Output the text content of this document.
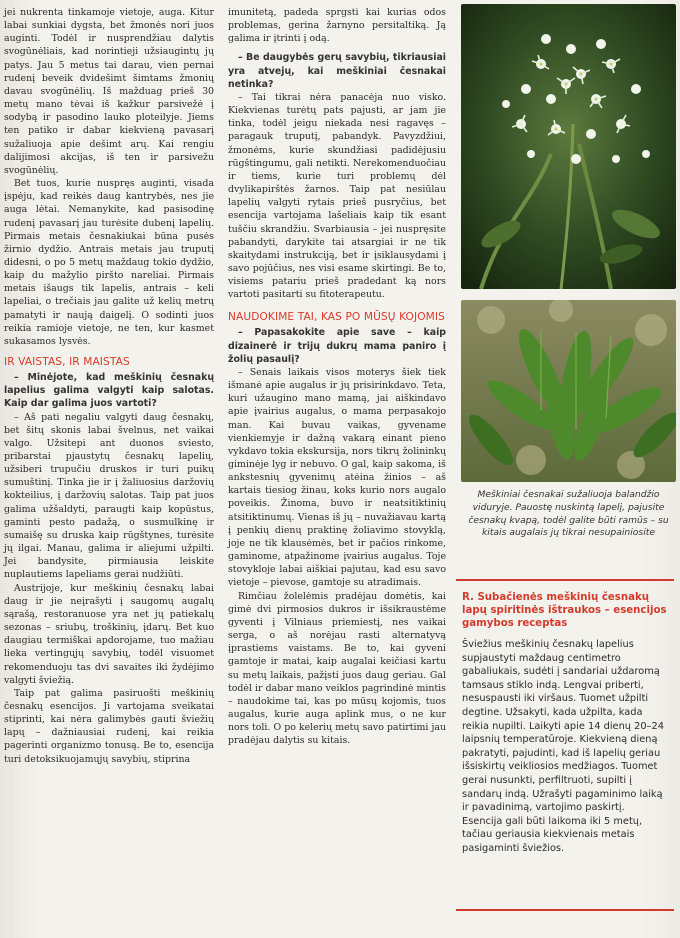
jei nukrenta tinkamoje vietoje, auga. Kitur labai sunkiai dygsta, bet žmonės nori juos auginti. Todėl ir nusprendžiau dalytis svogūnėliais, kad norintieji užsiaugintų jų patys. Jau 5 metus tai darau, vien pernai rudenį beveik dvidešimt šimtams žmonių davau svogūnėlių. Iš mažduag prieš 30 metų mano tėvai iš kažkur parsivežė į sodybą ir pasodino lauko ploteilyje. Jiems ten patiko ir dabar kiekvieną pavasarį sužaliuoja apie dešimt arų. Kai rengiu dalijimosi akcijas, iš ten ir parsivežu svogūnėlių.

Bet tuos, kurie nuspręs auginti, visada įspėju, kad reikės daug kantrybės, nes jie auga lėtai. Nemanykite, kad pasisodinę rudenį pavasarį jau turėsite dubenį lapelių. Pirmais metais česnakiukai būna pusės žirnio dydžio. Antrais metais jau truputį didesni, o po 5 metų maždaug tokio dydžio, kaip du mažylio piršto nareliai. Pirmais metais išaugs tik lapelis, antrais – keli lapeliai, o trečiais jau galite už kelių metrų pamatyti ir naują daigelį. O sodinti juos reikia ramioje vietoje, ne ten, kur kasmet sukasamos lysvės.

IR VAISTAS, IR MAISTAS

– Minėjote, kad meškinių česnakų lapelius galima valgyti kaip salotas. Kaip dar galima juos vartoti?

– Aš pati negaliu valgyti daug česnakų, bet šitų skonis labai švelnus, net vaikai valgo. Užsitepi ant duonos sviesto, pribarstai pjaustytų česnakų lapelių, užsiberi trupučiu druskos ir turi puikų sumuštinį. Tinka jie ir į žaliuosius daržovių kokteilius, į daržovių salotas. Taip pat juos galima užšaldyti, paraugti kaip kopūstus, gaminti pesto padažą, o susmulkinę ir sumaišę su druska kaip rūgštynes, turėsite jų ilgai. Manau, galima ir aliejumi užpilti. Jei bandysite, pirmiausia leiskite nuplautiems lapeliams gerai nudžiūti.

Austrijoje, kur meškinių česnakų labai daug ir jie neįrašyti į saugomų augalų sąrašą, restoranuose yra net jų patiekalų sezonas – sriubų, troškinių, įdarų. Bet kuo daugiau termiškai apdorojame, tuo mažiau lieka vertingųjų savybių, todėl visuomet rekomenduoju tas dvi savaites iki žydėjimo valgyti šviežią.

Taip pat galima pasiruošti meškinių česnakų esencijos. Ji vartojama sveikatai stiprinti, kai nėra galimybės gauti šviežių lapų – dažniausiai rudenį, kai reikia pagerinti organizmo tonusą. Be to, esencija turi detoksikuojamųjų savybių, stiprina

imunitetą, padeda sprgsti kai kurias odos problemas, gerina žarnyno persitaltiką. Ją galima ir įtrinti į odą.

– Be daugybės gerų savybių, tikriausiai yra atvejų, kai meškiniai česnakai netinka?

– Tai tikrai nėra panacėja nuo visko. Kiekvienas turėtų pats pajusti, ar jam jie tinka, todėl jeigu niekada nesi ragavęs – paragauk truputį, pabandyk. Pavyzdžiui, žmonėms, kurie skundžiasi padidėjusiu rūgštingumu, gali netikti. Nerekomenduočiau ir tiems, kurie turi problemų dėl dvylikapirštės žarnos. Taip pat nesiūlau lapelių valgyti rytais prieš pusryčius, bet esencija vartojama lašeliais kaip tik esant tuščiu skrandžiu. Svarbiausia – jei nuspręsite pabandyti, darykite tai atsargiai ir ne tik skaitydami instrukciją, bet ir įsiklausydami į savo pojūčius, nes visi esame skirtingi. Be to, visiems patariu prieš pradedant ką nors vartoti pasitarti su fitoterapeutu.

NAUDOKIME TAI, KAS PO MŪSŲ KOJOMIS

– Papasakokite apie save – kaip dizainerė ir trijų dukrų mama panirо į žolių pasaulį?

– Senais laikais visos moterys šiek tiek išmanė apie augalus ir jų prisirinkdavo. Teta, kuri užaugino mano mamą, jai aiškindavo apie įvairius augalus, o mama perpasakojo man. Kai buvau vaikas, gyvename vienkiemyje ir dažną vakarą einant pieno vykdavo tokia ekskursija, nors tikrų žolininkų giminėje lyg ir nebuvo. O gal, kaip sakoma, iš ankstesnių gyvenimų atėina žinios – aš kartais tiesiog žinau, koks kurio nors augalo poveikis. Žinoma, buvo ir neatsitiktinių atsitiktinumų. Vienas iš jų – nuvažiavau kartą į penkių dienų praktinę žoliavimo stovyklą, joje ne tik klausėmės, bet ir pačios rinkome, gaminome, atpažinome įvairius augalus. Toje stovyklоje labai aiškiai pajutau, kad esu savo vietoje – pievose, gamtoje su atradimais.

Rimčiau žolelėmis pradėjau domėtis, kai gimė dvi pirmosios dukros ir išsikraustėme gyventi į Vilniaus priemiestį, nes vaikai serga, o aš norėjau rasti alternatyvą įprastiems vaistams. Be to, kai gyveni gamtoje ir matai, kaip augalai keičiasi kartu su metų laikais, pažįsti juos daug geriau. Gal todėl ir dabar mano veiklos pagrindinė mintis – naudokime tai, kas po mūsų kojomis, tuos augalus, kurie auga aplink mus, o ne kur nors toli. O po kelerių metų savo patirtimi jau pradėjau dalytis su kitais.

Meškiniai česnakai sužaliuoja balandžio viduryje. Pauostę nuskintą lapelį, pajusite česnakų kvapą, todėl galite būti ramūs – su kitais augalais jų tikrai nesupainiosite

R. Subačienės meškinių česnakų lapų spiritinės ištraukos – esencijos gamybos receptas

Šviežius meškinių česnakų lapelius supjaustyti maždaug centimetro gabaliukais, sudėti į sandariai uždaromą tamsaus stiklo indą. Lengvai priberti, nesuspausti iki viršaus. Tuomet užpilti degtine. Užsakyti, kada užpilta, kada reikia nupilti. Laikyti apie 14 dienų 20–24 laipsnių temperatūroje. Kiekvieną dieną pakratyti, pajudinti, kad iš lapelių geriau išsiskirtų veikliosios medžiagos. Tuomet gerai nusunkti, perfiltruoti, supilti į sandarų indą. Užrašyti pagaminimo laiką ir pavadinimą, vartojimo paskirtį. Esencija gali būti laikoma iki 5 metų, tačiau geriausia kiekvienais metais pasigaminti šviežios.
